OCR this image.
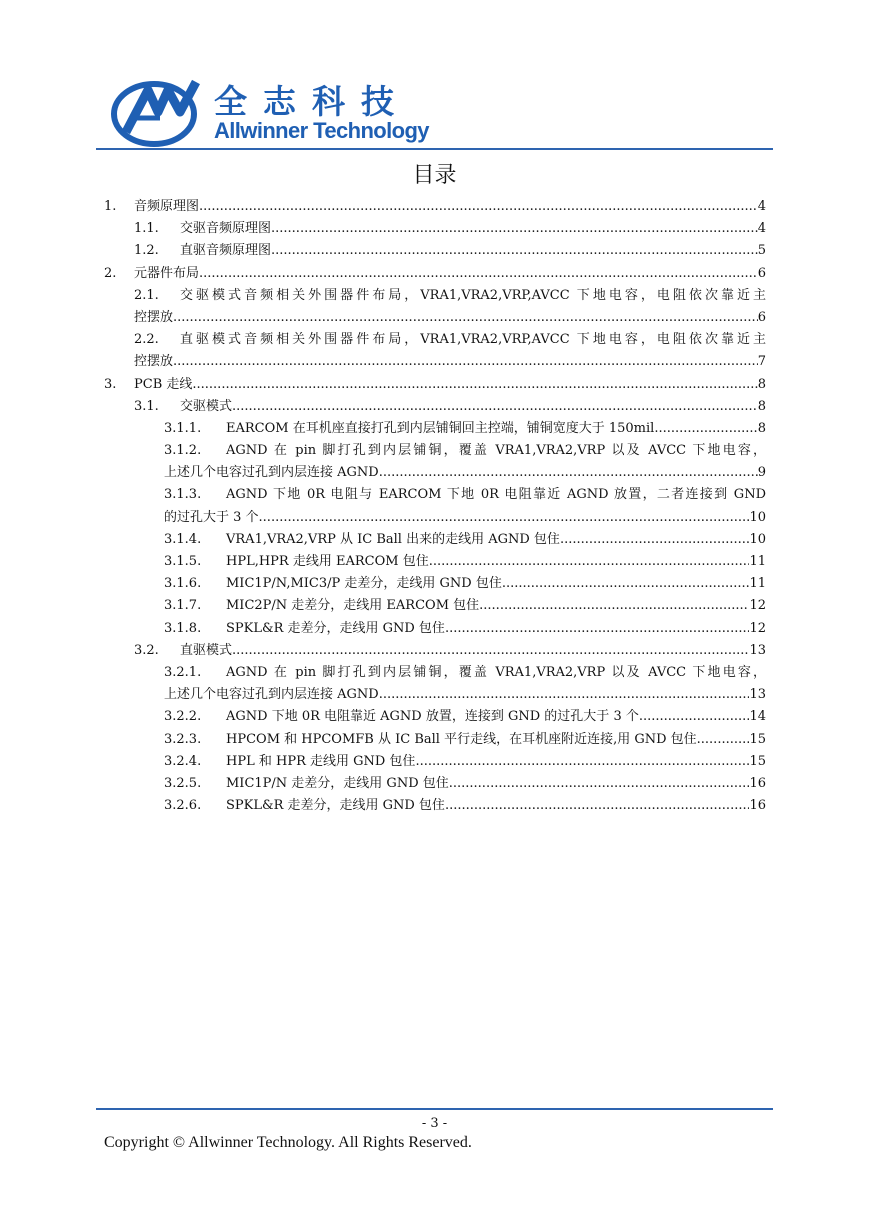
全志科技
Allwinner Technology
目录
1. 音频原理图 .....	4
1.1. 交驱音频原理图 .....	4
1.2. 直驱音频原理图 .....	5
2. 元器件布局 .....	6
2.1. 交驱模式音频相关外围器件布局，VRA1,VRA2,VRP,AVCC 下地电容，电阻依次靠近主
控摆放 .....	6
2.2. 直驱模式音频相关外围器件布局，VRA1,VRA2,VRP,AVCC 下地电容，电阻依次靠近主
控摆放 .....	7
3. PCB 走线 .....	8
3.1. 交驱模式 .....	8
3.1.1. EARCOM 在耳机座直接打孔到内层铺铜回主控端，铺铜宽度大于 150mil .....	8
3.1.2. AGND 在 pin 脚打孔到内层铺铜，覆盖 VRA1,VRA2,VRP 以及 AVCC 下地电容，
上述几个电容过孔到内层连接 AGND .....	9
3.1.3. AGND 下地 0R 电阻与 EARCOM 下地 0R 电阻靠近 AGND 放置，二者连接到 GND
的过孔大于 3 个 .....	10
3.1.4. VRA1,VRA2,VRP 从 IC Ball 出来的走线用 AGND 包住 .....	10
3.1.5. HPL,HPR 走线用 EARCOM 包住 .....	11
3.1.6. MIC1P/N,MIC3/P 走差分，走线用 GND 包住 .....	11
3.1.7. MIC2P/N 走差分，走线用 EARCOM 包住 .....	12
3.1.8. SPKL&R 走差分，走线用 GND 包住 .....	12
3.2. 直驱模式 .....	13
3.2.1. AGND 在 pin 脚打孔到内层铺铜，覆盖 VRA1,VRA2,VRP 以及 AVCC 下地电容，
上述几个电容过孔到内层连接 AGND .....	13
3.2.2. AGND 下地 0R 电阻靠近 AGND 放置，连接到 GND 的过孔大于 3 个 .....	14
3.2.3. HPCOM 和 HPCOMFB 从 IC Ball 平行走线，在耳机座附近连接,用 GND 包住 .....	15
3.2.4. HPL 和 HPR 走线用 GND 包住 .....	15
3.2.5. MIC1P/N 走差分，走线用 GND 包住 .....	16
3.2.6. SPKL&R 走差分，走线用 GND 包住 .....	16
- 3 -
Copyright © Allwinner Technology. All Rights Reserved.
